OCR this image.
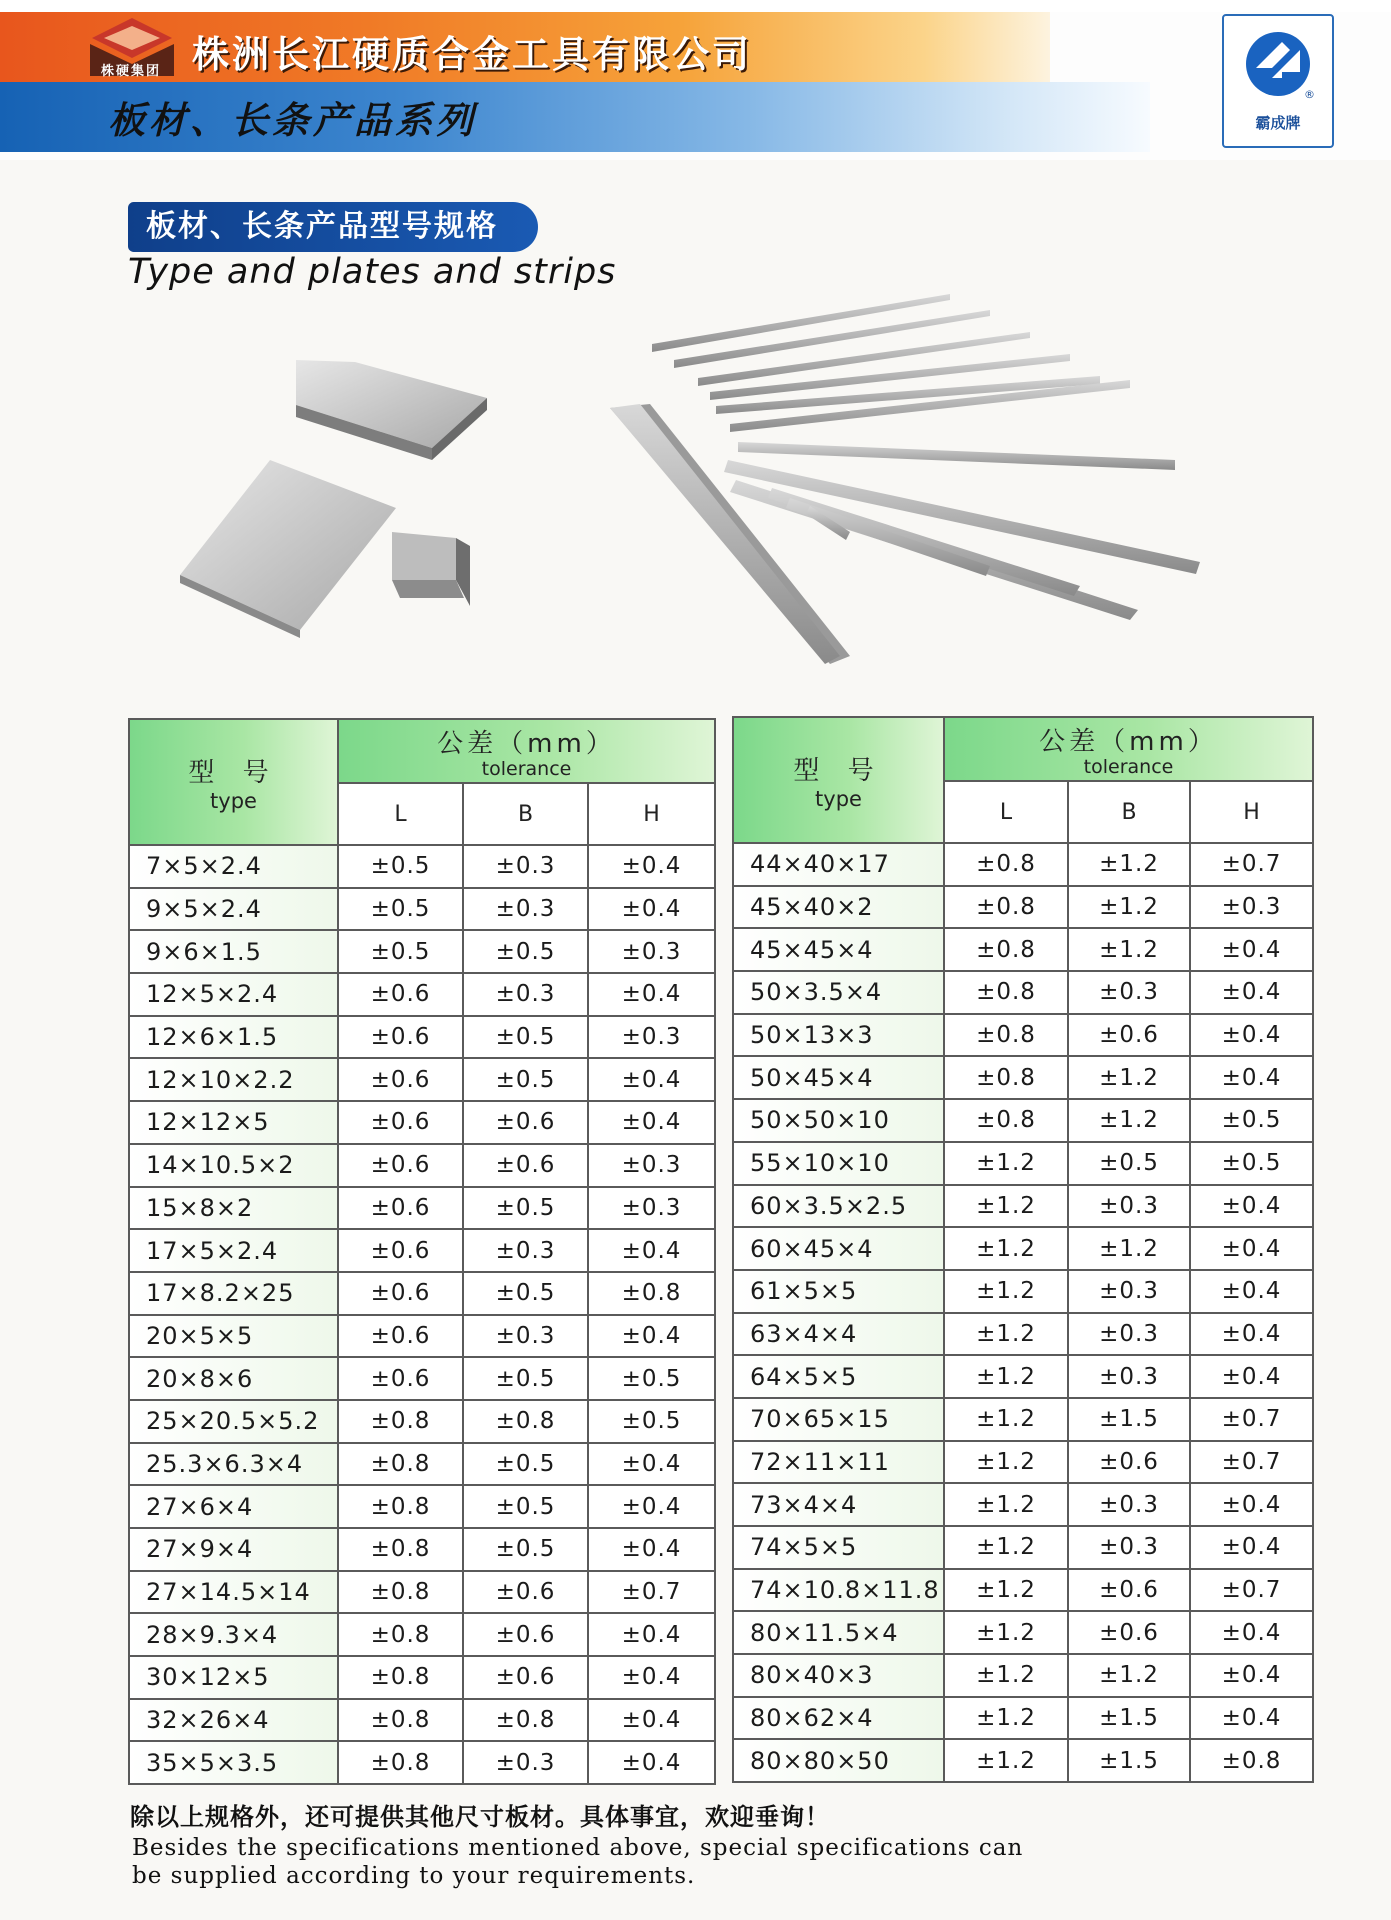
株硬集团 株洲长江硬质合金工具有限公司
板材、长条产品系列
®
霸成牌
板材、长条产品型号规格
Type and plates and strips
型 号
type	公差（mm）
tolerance		

	L	B	H
7×5×2.4	±0.5	±0.3	±0.4
9×5×2.4	±0.5	±0.3	±0.4
9×6×1.5	±0.5	±0.5	±0.3
12×5×2.4	±0.6	±0.3	±0.4
12×6×1.5	±0.6	±0.5	±0.3
12×10×2.2	±0.6	±0.5	±0.4
12×12×5	±0.6	±0.6	±0.4
14×10.5×2	±0.6	±0.6	±0.3
15×8×2	±0.6	±0.5	±0.3
17×5×2.4	±0.6	±0.3	±0.4
17×8.2×25	±0.6	±0.5	±0.8
20×5×5	±0.6	±0.3	±0.4
20×8×6	±0.6	±0.5	±0.5
25×20.5×5.2	±0.8	±0.8	±0.5
25.3×6.3×4	±0.8	±0.5	±0.4
27×6×4	±0.8	±0.5	±0.4
27×9×4	±0.8	±0.5	±0.4
27×14.5×14	±0.8	±0.6	±0.7
28×9.3×4	±0.8	±0.6	±0.4
30×12×5	±0.8	±0.6	±0.4
32×26×4	±0.8	±0.8	±0.4
35×5×3.5	±0.8	±0.3	±0.4
型 号
type	公差（mm）
tolerance		

	L	B	H
44×40×17	±0.8	±1.2	±0.7
45×40×2	±0.8	±1.2	±0.3
45×45×4	±0.8	±1.2	±0.4
50×3.5×4	±0.8	±0.3	±0.4
50×13×3	±0.8	±0.6	±0.4
50×45×4	±0.8	±1.2	±0.4
50×50×10	±0.8	±1.2	±0.5
55×10×10	±1.2	±0.5	±0.5
60×3.5×2.5	±1.2	±0.3	±0.4
60×45×4	±1.2	±1.2	±0.4
61×5×5	±1.2	±0.3	±0.4
63×4×4	±1.2	±0.3	±0.4
64×5×5	±1.2	±0.3	±0.4
70×65×15	±1.2	±1.5	±0.7
72×11×11	±1.2	±0.6	±0.7
73×4×4	±1.2	±0.3	±0.4
74×5×5	±1.2	±0.3	±0.4
74×10.8×11.8	±1.2	±0.6	±0.7
80×11.5×4	±1.2	±0.6	±0.4
80×40×3	±1.2	±1.2	±0.4
80×62×4	±1.2	±1.5	±0.4
80×80×50	±1.2	±1.5	±0.8
除以上规格外，还可提供其他尺寸板材。具体事宜，欢迎垂询！
Besides the specifications mentioned above, special specifications can be supplied according to your requirements.
